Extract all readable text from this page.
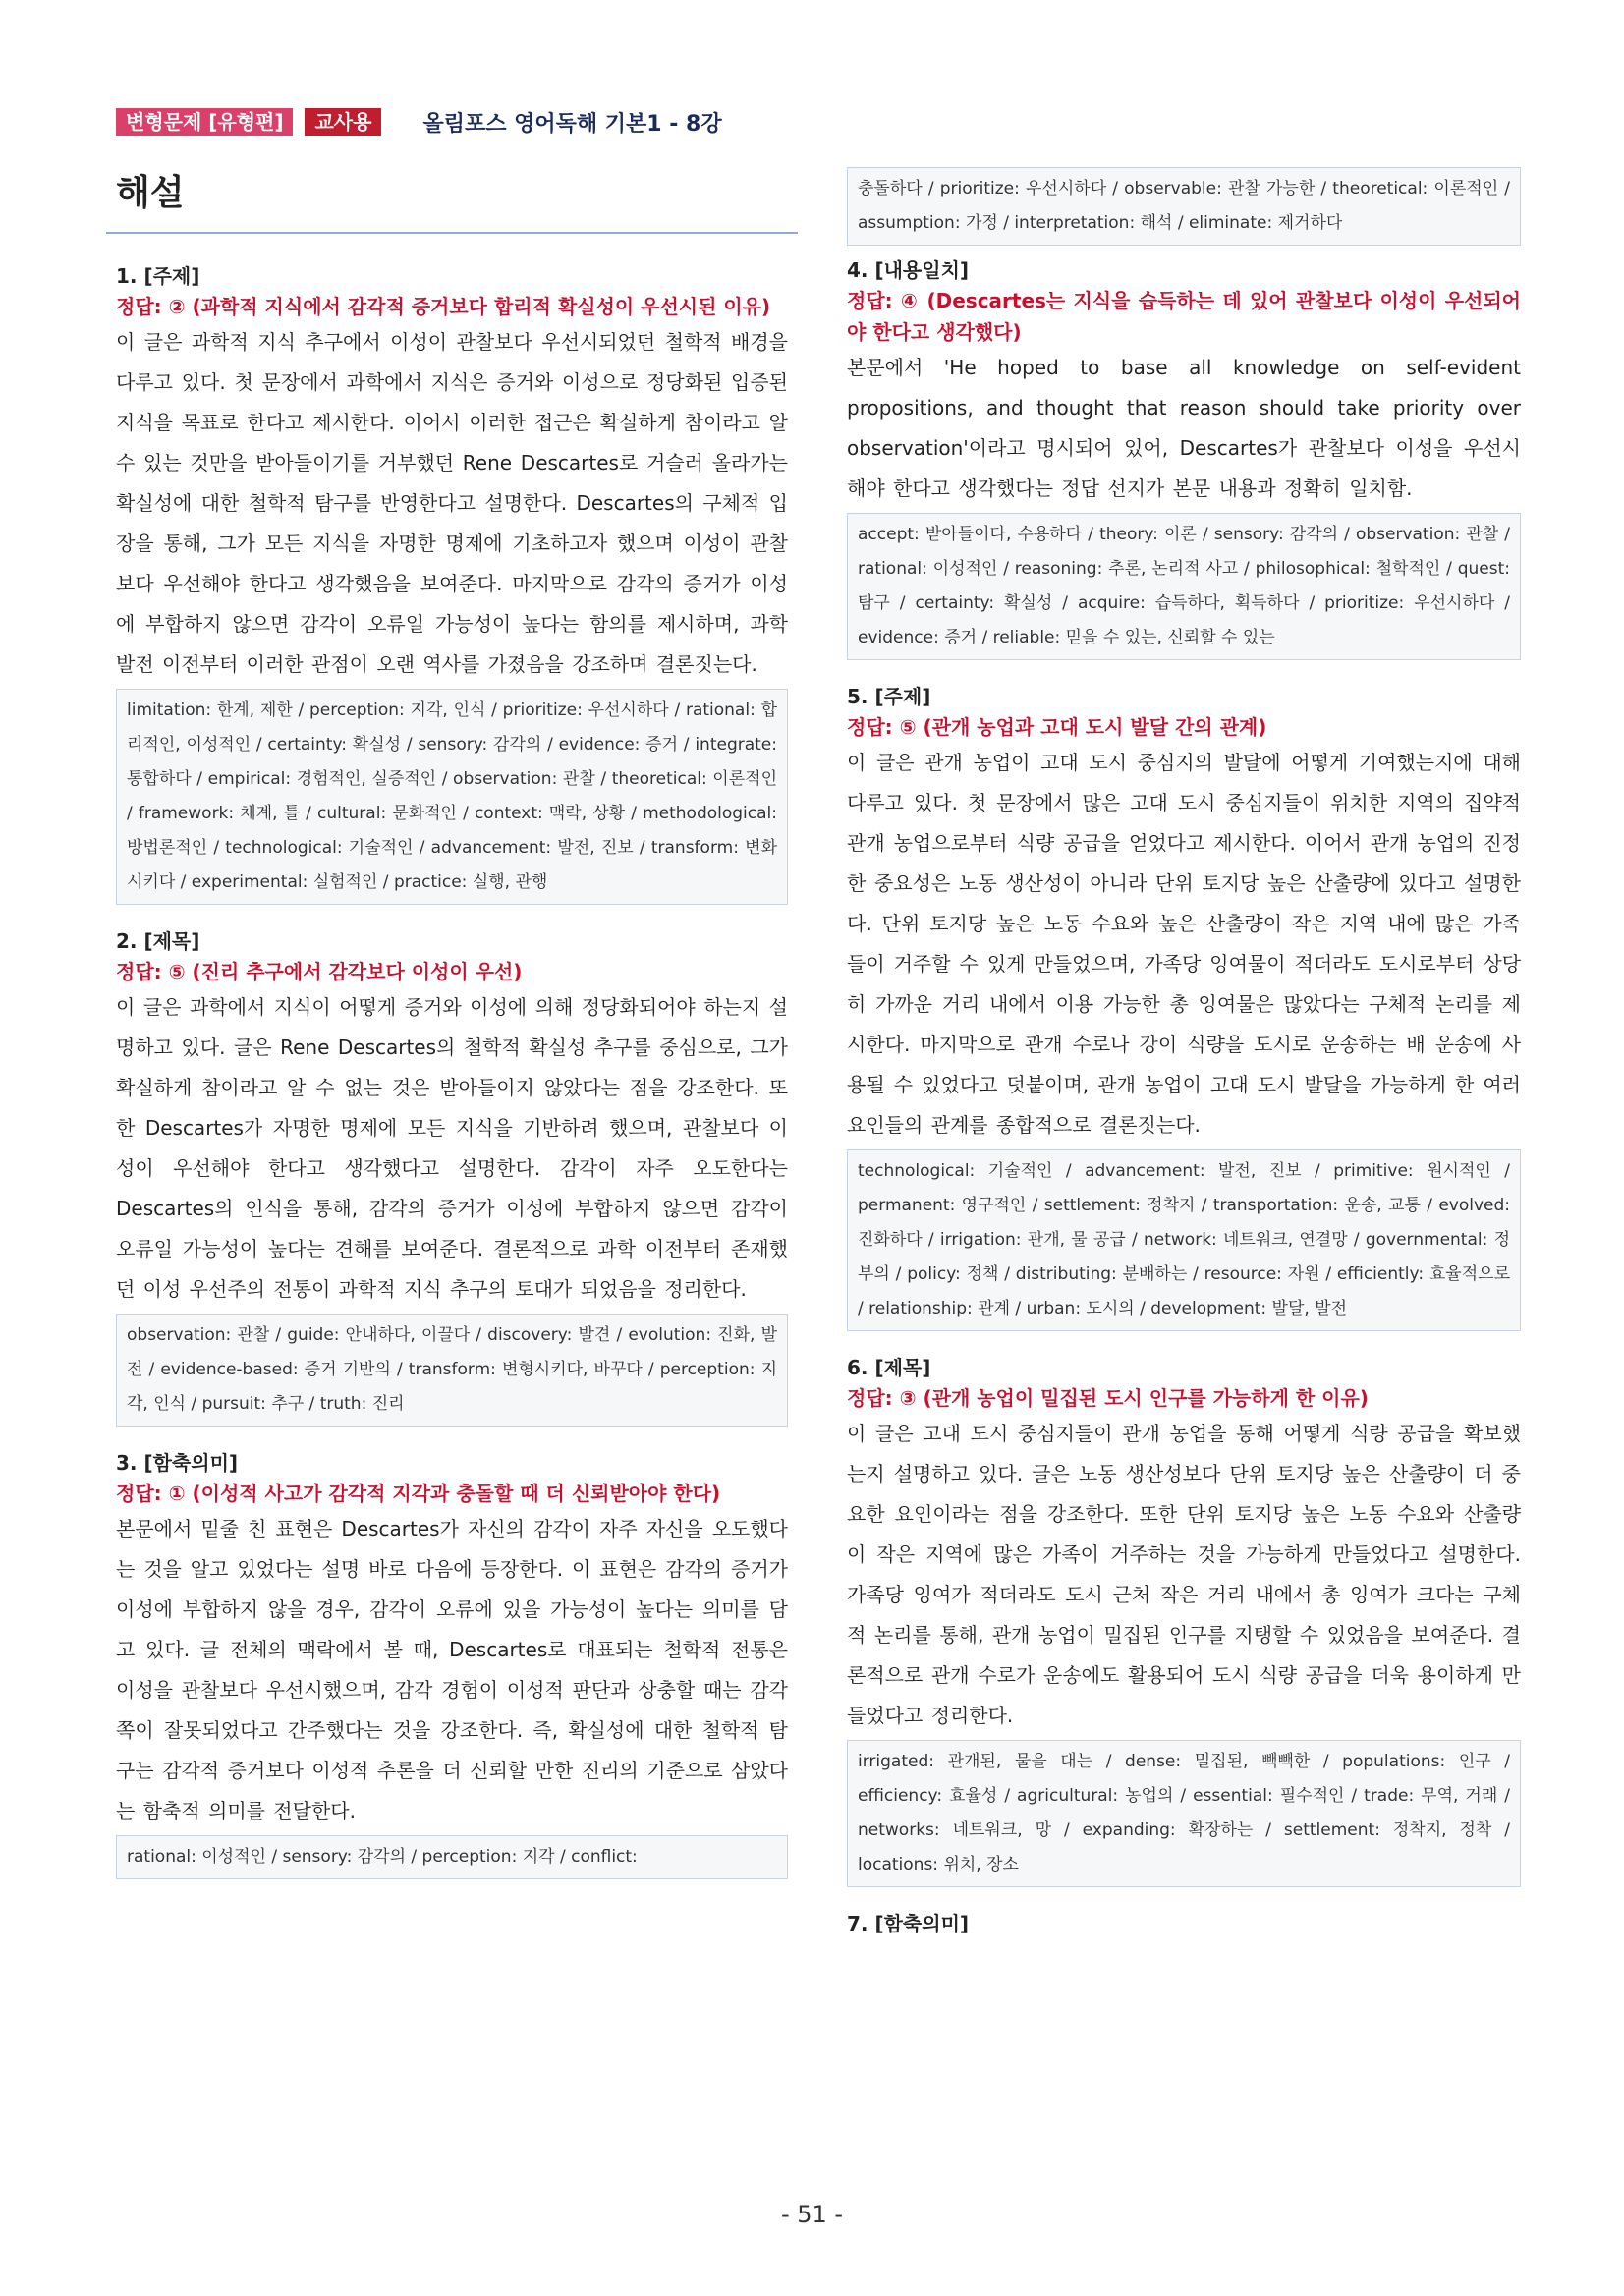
변형문제 [유형편]	교사용	올림포스 영어독해 기본1 - 8강
해설
1. [주제]
정답: ② (과학적 지식에서 감각적 증거보다 합리적 확실성이 우선시된 이유)
이 글은 과학적 지식 추구에서 이성이 관찰보다 우선시되었던 철학적 배경을 다루고 있다. 첫 문장에서 과학에서 지식은 증거와 이성으로 정당화된 입증된 지식을 목표로 한다고 제시한다. 이어서 이러한 접근은 확실하게 참이라고 알 수 있는 것만을 받아들이기를 거부했던 Rene Descartes로 거슬러 올라가는 확실성에 대한 철학적 탐구를 반영한다고 설명한다. Descartes의 구체적 입장을 통해, 그가 모든 지식을 자명한 명제에 기초하고자 했으며 이성이 관찰보다 우선해야 한다고 생각했음을 보여준다. 마지막으로 감각의 증거가 이성에 부합하지 않으면 감각이 오류일 가능성이 높다는 함의를 제시하며, 과학 발전 이전부터 이러한 관점이 오랜 역사를 가졌음을 강조하며 결론짓는다.
limitation: 한계, 제한 / perception: 지각, 인식 / prioritize: 우선시하다 / rational: 합리적인, 이성적인 / certainty: 확실성 / sensory: 감각의 / evidence: 증거 / integrate: 통합하다 / empirical: 경험적인, 실증적인 / observation: 관찰 / theoretical: 이론적인 / framework: 체계, 틀 / cultural: 문화적인 / context: 맥락, 상황 / methodological: 방법론적인 / technological: 기술적인 / advancement: 발전, 진보 / transform: 변화시키다 / experimental: 실험적인 / practice: 실행, 관행
2. [제목]
정답: ⑤ (진리 추구에서 감각보다 이성이 우선)
이 글은 과학에서 지식이 어떻게 증거와 이성에 의해 정당화되어야 하는지 설명하고 있다. 글은 Rene Descartes의 철학적 확실성 추구를 중심으로, 그가 확실하게 참이라고 알 수 없는 것은 받아들이지 않았다는 점을 강조한다. 또한 Descartes가 자명한 명제에 모든 지식을 기반하려 했으며, 관찰보다 이성이 우선해야 한다고 생각했다고 설명한다. 감각이 자주 오도한다는 Descartes의 인식을 통해, 감각의 증거가 이성에 부합하지 않으면 감각이 오류일 가능성이 높다는 견해를 보여준다. 결론적으로 과학 이전부터 존재했던 이성 우선주의 전통이 과학적 지식 추구의 토대가 되었음을 정리한다.
observation: 관찰 / guide: 안내하다, 이끌다 / discovery: 발견 / evolution: 진화, 발전 / evidence-based: 증거 기반의 / transform: 변형시키다, 바꾸다 / perception: 지각, 인식 / pursuit: 추구 / truth: 진리
3. [함축의미]
정답: ① (이성적 사고가 감각적 지각과 충돌할 때 더 신뢰받아야 한다)
본문에서 밑줄 친 표현은 Descartes가 자신의 감각이 자주 자신을 오도했다는 것을 알고 있었다는 설명 바로 다음에 등장한다. 이 표현은 감각의 증거가 이성에 부합하지 않을 경우, 감각이 오류에 있을 가능성이 높다는 의미를 담고 있다. 글 전체의 맥락에서 볼 때, Descartes로 대표되는 철학적 전통은 이성을 관찰보다 우선시했으며, 감각 경험이 이성적 판단과 상충할 때는 감각 쪽이 잘못되었다고 간주했다는 것을 강조한다. 즉, 확실성에 대한 철학적 탐구는 감각적 증거보다 이성적 추론을 더 신뢰할 만한 진리의 기준으로 삼았다는 함축적 의미를 전달한다.
rational: 이성적인 / sensory: 감각의 / perception: 지각 / conflict:
충돌하다 / prioritize: 우선시하다 / observable: 관찰 가능한 / theoretical: 이론적인 / assumption: 가정 / interpretation: 해석 / eliminate: 제거하다
4. [내용일치]
정답: ④ (Descartes는 지식을 습득하는 데 있어 관찰보다 이성이 우선되어야 한다고 생각했다)
본문에서 'He hoped to base all knowledge on self-evident propositions, and thought that reason should take priority over observation'이라고 명시되어 있어, Descartes가 관찰보다 이성을 우선시해야 한다고 생각했다는 정답 선지가 본문 내용과 정확히 일치함.
accept: 받아들이다, 수용하다 / theory: 이론 / sensory: 감각의 / observation: 관찰 / rational: 이성적인 / reasoning: 추론, 논리적 사고 / philosophical: 철학적인 / quest: 탐구 / certainty: 확실성 / acquire: 습득하다, 획득하다 / prioritize: 우선시하다 / evidence: 증거 / reliable: 믿을 수 있는, 신뢰할 수 있는
5. [주제]
정답: ⑤ (관개 농업과 고대 도시 발달 간의 관계)
이 글은 관개 농업이 고대 도시 중심지의 발달에 어떻게 기여했는지에 대해 다루고 있다. 첫 문장에서 많은 고대 도시 중심지들이 위치한 지역의 집약적 관개 농업으로부터 식량 공급을 얻었다고 제시한다. 이어서 관개 농업의 진정한 중요성은 노동 생산성이 아니라 단위 토지당 높은 산출량에 있다고 설명한다. 단위 토지당 높은 노동 수요와 높은 산출량이 작은 지역 내에 많은 가족들이 거주할 수 있게 만들었으며, 가족당 잉여물이 적더라도 도시로부터 상당히 가까운 거리 내에서 이용 가능한 총 잉여물은 많았다는 구체적 논리를 제시한다. 마지막으로 관개 수로나 강이 식량을 도시로 운송하는 배 운송에 사용될 수 있었다고 덧붙이며, 관개 농업이 고대 도시 발달을 가능하게 한 여러 요인들의 관계를 종합적으로 결론짓는다.
technological: 기술적인 / advancement: 발전, 진보 / primitive: 원시적인 / permanent: 영구적인 / settlement: 정착지 / transportation: 운송, 교통 / evolved: 진화하다 / irrigation: 관개, 물 공급 / network: 네트워크, 연결망 / governmental: 정부의 / policy: 정책 / distributing: 분배하는 / resource: 자원 / efficiently: 효율적으로 / relationship: 관계 / urban: 도시의 / development: 발달, 발전
6. [제목]
정답: ③ (관개 농업이 밀집된 도시 인구를 가능하게 한 이유)
이 글은 고대 도시 중심지들이 관개 농업을 통해 어떻게 식량 공급을 확보했는지 설명하고 있다. 글은 노동 생산성보다 단위 토지당 높은 산출량이 더 중요한 요인이라는 점을 강조한다. 또한 단위 토지당 높은 노동 수요와 산출량이 작은 지역에 많은 가족이 거주하는 것을 가능하게 만들었다고 설명한다. 가족당 잉여가 적더라도 도시 근처 작은 거리 내에서 총 잉여가 크다는 구체적 논리를 통해, 관개 농업이 밀집된 인구를 지탱할 수 있었음을 보여준다. 결론적으로 관개 수로가 운송에도 활용되어 도시 식량 공급을 더욱 용이하게 만들었다고 정리한다.
irrigated: 관개된, 물을 대는 / dense: 밀집된, 빽빽한 / populations: 인구 / efficiency: 효율성 / agricultural: 농업의 / essential: 필수적인 / trade: 무역, 거래 / networks: 네트워크, 망 / expanding: 확장하는 / settlement: 정착지, 정착 / locations: 위치, 장소
7. [함축의미]
- 51 -
